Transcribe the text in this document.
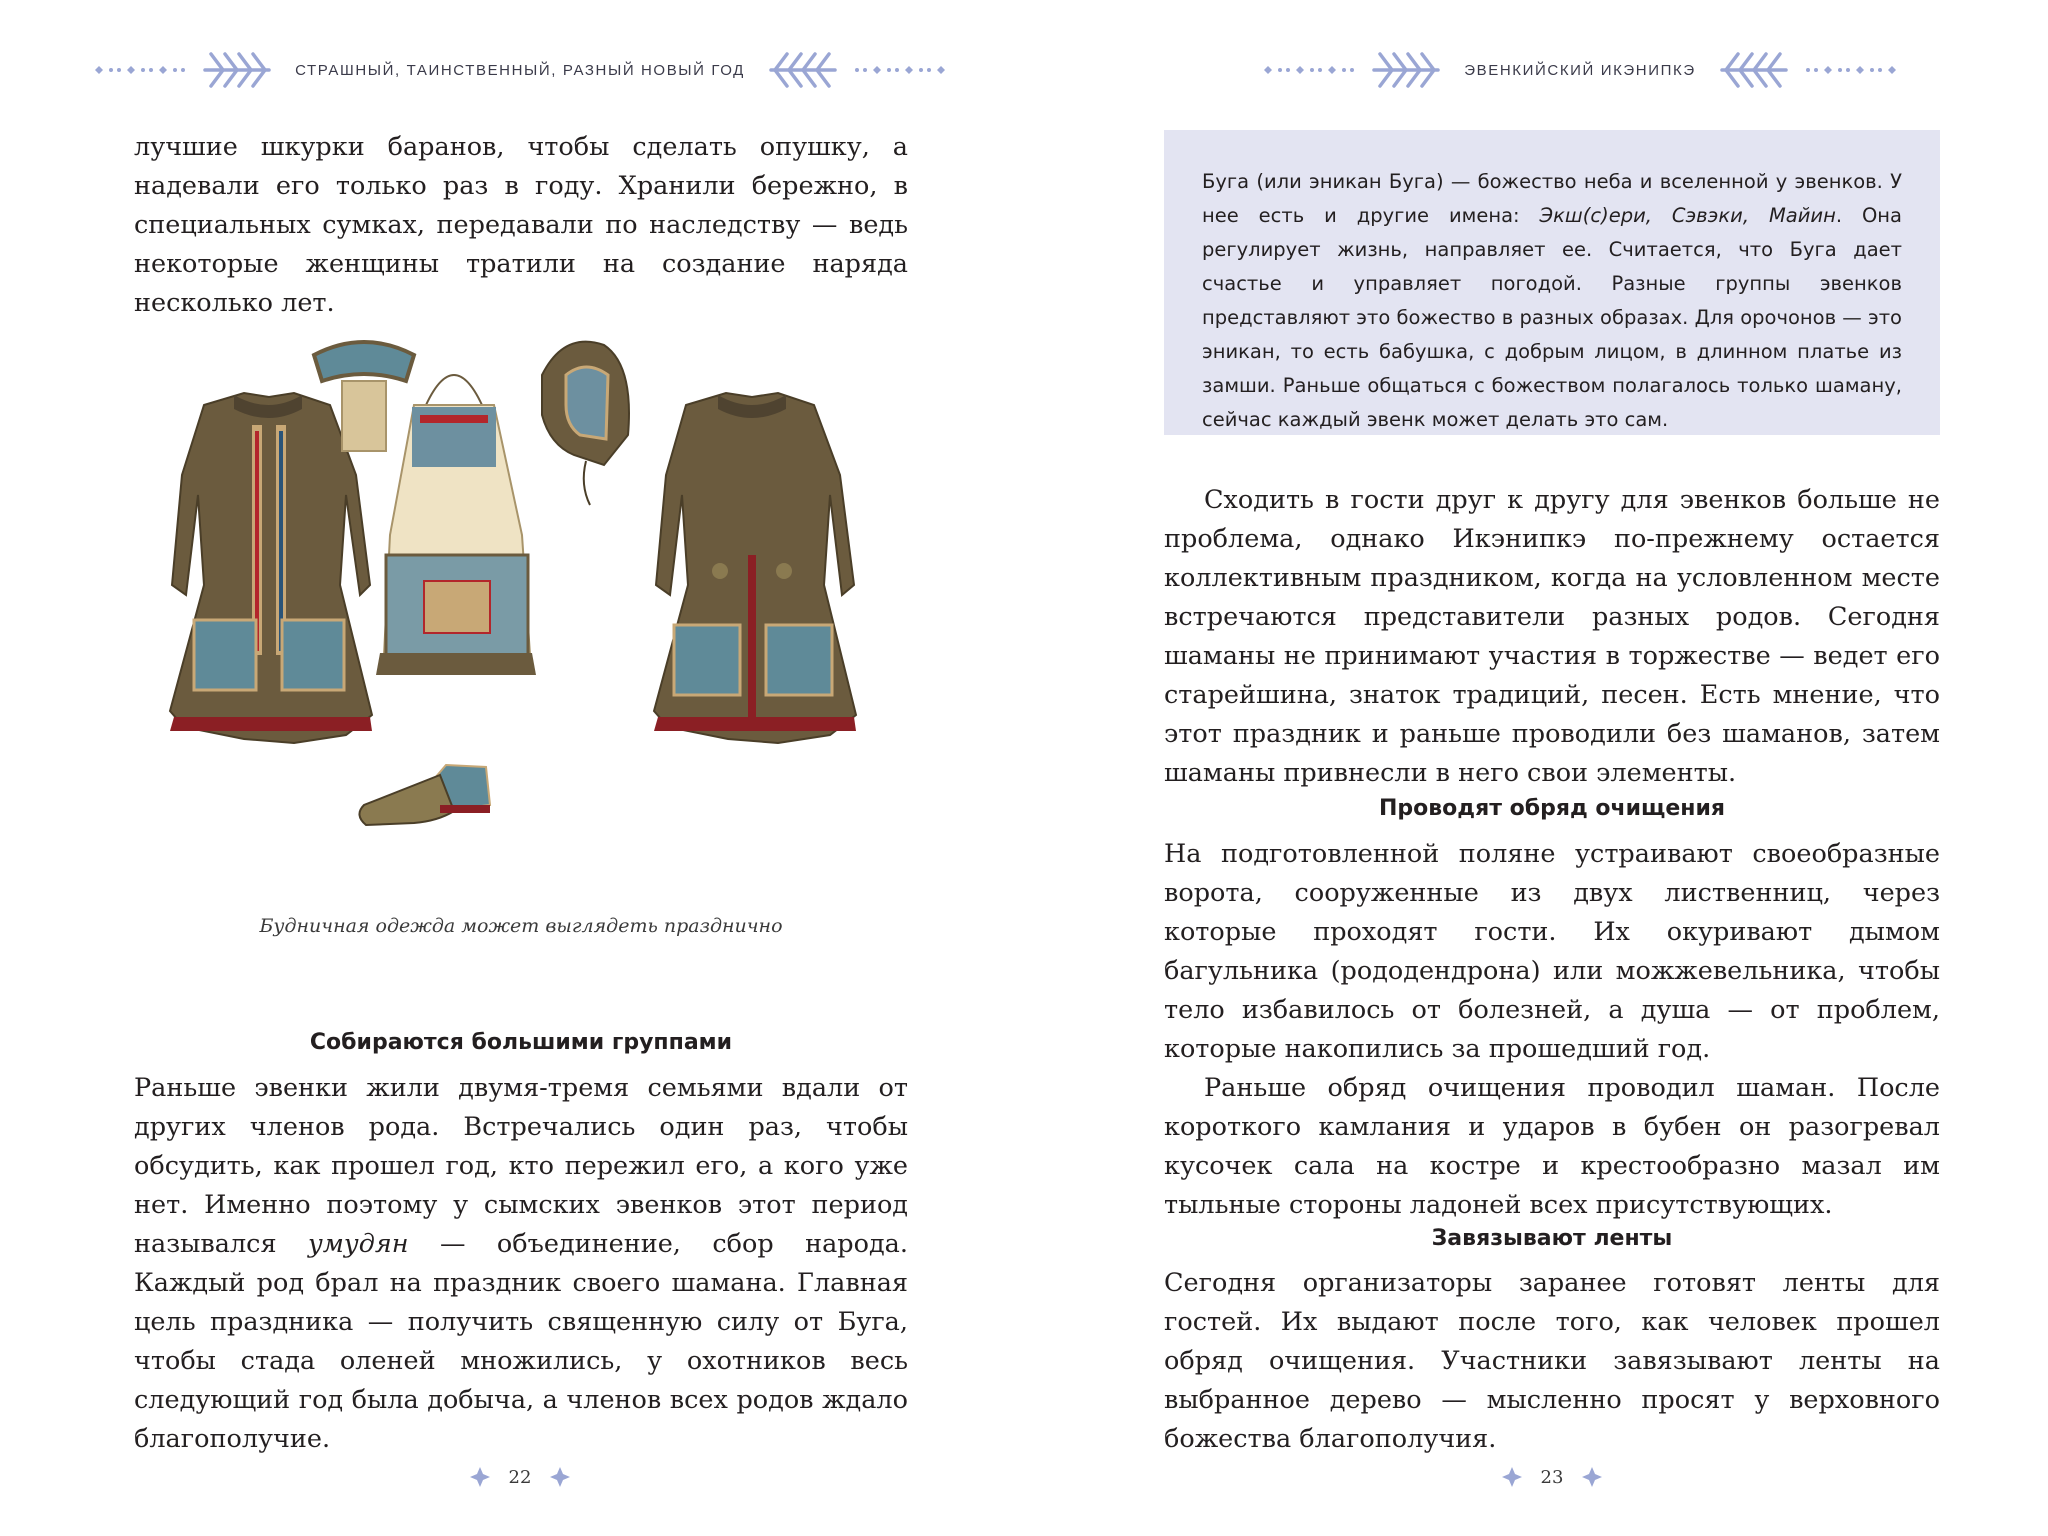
СТРАШНЫЙ, ТАИНСТВЕННЫЙ, РАЗНЫЙ НОВЫЙ ГОД

лучшие шкурки баранов, чтобы сделать опушку, а надевали его только раз в году. Хранили бережно, в специальных сумках, передавали по наследству — ведь некоторые женщины тратили на создание наряда несколько лет.

Будничная одежда может выглядеть празднично
Собираются большими группами

Раньше эвенки жили двумя-тремя семьями вдали от других членов рода. Встречались один раз, чтобы обсудить, как прошел год, кто пережил его, а кого уже нет. Именно поэтому у сымских эвенков этот период назывался умудян — объединение, сбор народа. Каждый род брал на праздник своего шамана. Главная цель праздника — получить священную силу от Буга, чтобы стада оленей множились, у охотников весь следующий год была добыча, а членов всех родов ждало благополучие.

22
ЭВЕНКИЙСКИЙ ИКЭНИПКЭ
Буга (или эникан Буга) — божество неба и вселенной у эвенков. У нее есть и другие имена: Экш(с)ери, Сэвэки, Майин. Она регулирует жизнь, направляет ее. Считается, что Буга дает счастье и управляет погодой. Разные группы эвенков представляют это божество в разных образах. Для орочонов — это эникан, то есть бабушка, с добрым лицом, в длинном платье из замши. Раньше общаться с божеством полагалось только шаману, сейчас каждый эвенк может делать это сам.

Сходить в гости друг к другу для эвенков больше не проблема, однако Икэнипкэ по-прежнему остается коллективным праздником, когда на условленном месте встречаются представители разных родов. Сегодня шаманы не принимают участия в торжестве — ведет его старейшина, знаток традиций, песен. Есть мнение, что этот праздник и раньше проводили без шаманов, затем шаманы привнесли в него свои элементы.

Проводят обряд очищения

На подготовленной поляне устраивают своеобразные ворота, сооруженные из двух лиственниц, через которые проходят гости. Их окуривают дымом багульника (рододендрона) или можжевельника, чтобы тело избавилось от болезней, а душа — от проблем, которые накопились за прошедший год.

Раньше обряд очищения проводил шаман. После короткого камлания и ударов в бубен он разогревал кусочек сала на костре и крестообразно мазал им тыльные стороны ладоней всех присутствующих.

Завязывают ленты

Сегодня организаторы заранее готовят ленты для гостей. Их выдают после того, как человек прошел обряд очищения. Участники завязывают ленты на выбранное дерево — мысленно просят у верховного божества благополучия.

23
